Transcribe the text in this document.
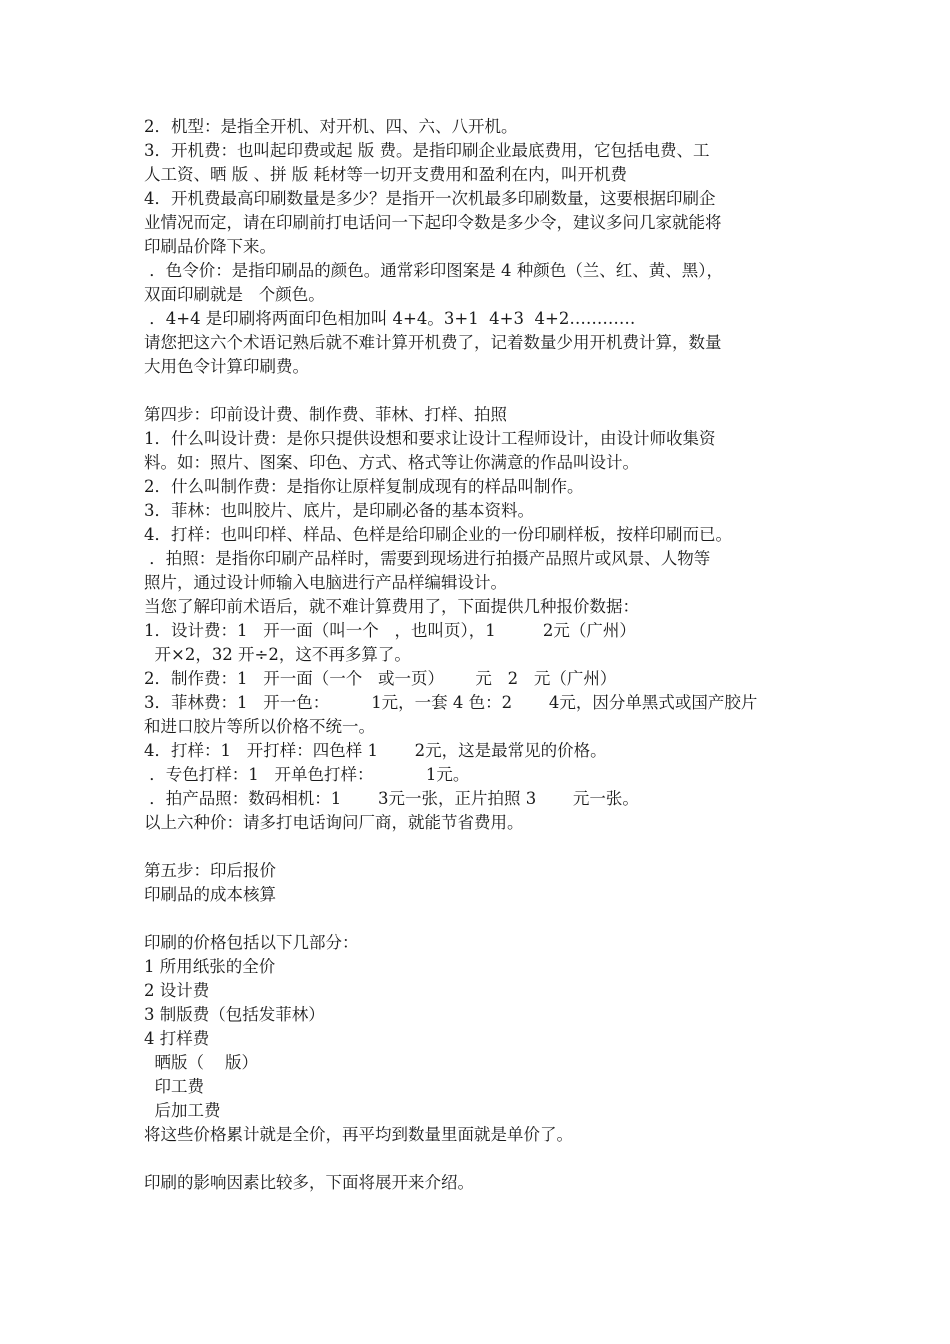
2．机型：是指全开机、对开机、四、六、八开机。
3．开机费：也叫起印费或起 版 费。是指印刷企业最底费用，它包括电费、工
人工资、晒 版 、拼 版 耗材等一切开支费用和盈利在内，叫开机费
4．开机费最高印刷数量是多少？是指开一次机最多印刷数量，这要根据印刷企
业情况而定，请在印刷前打电话问一下起印令数是多少令，建议多问几家就能将
印刷品价降下来。
．色令价：是指印刷品的颜色。通常彩印图案是 4 种颜色（兰、红、黄、黑），
双面印刷就是   个颜色。
．4+4 是印刷将两面印色相加叫 4+4。3+1  4+3  4+2…………
请您把这六个术语记熟后就不难计算开机费了，记着数量少用开机费计算，数量
大用色令计算印刷费。
第四步：印前设计费、制作费、菲林、打样、拍照
1．什么叫设计费：是你只提供设想和要求让设计工程师设计，由设计师收集资
料。如：照片、图案、印色、方式、格式等让你满意的作品叫设计。
2．什么叫制作费：是指你让原样复制成现有的样品叫制作。
3．菲林：也叫胶片、底片，是印刷必备的基本资料。
4．打样：也叫印样、样品、色样是给印刷企业的一份印刷样板，按样印刷而已。
．拍照：是指你印刷产品样时，需要到现场进行拍摄产品照片或风景、人物等
照片，通过设计师输入电脑进行产品样编辑设计。
当您了解印前术语后，就不难计算费用了，下面提供几种报价数据：
1．设计费：1   开一面（叫一个   ，也叫页），1         2元（广州）
开×2，32 开÷2，这不再多算了。
2．制作费：1   开一面（一个   或一页）      元   2   元（广州）
3．菲林费：1   开一色：        1元，一套 4 色：2       4元，因分单黑式或国产胶片
和进口胶片等所以价格不统一。
4．打样：1   开打样：四色样 1       2元，这是最常见的价格。
．专色打样：1   开单色打样：          1元。
．拍产品照：数码相机：1       3元一张，正片拍照 3       元一张。
以上六种价：请多打电话询问厂商，就能节省费用。
第五步：印后报价
印刷品的成本核算
印刷的价格包括以下几部分：
1 所用纸张的全价
2 设计费
3 制版费（包括发菲林）
4 打样费
晒版（    版）
印工费
后加工费
将这些价格累计就是全价，再平均到数量里面就是单价了。
印刷的影响因素比较多，下面将展开来介绍。
